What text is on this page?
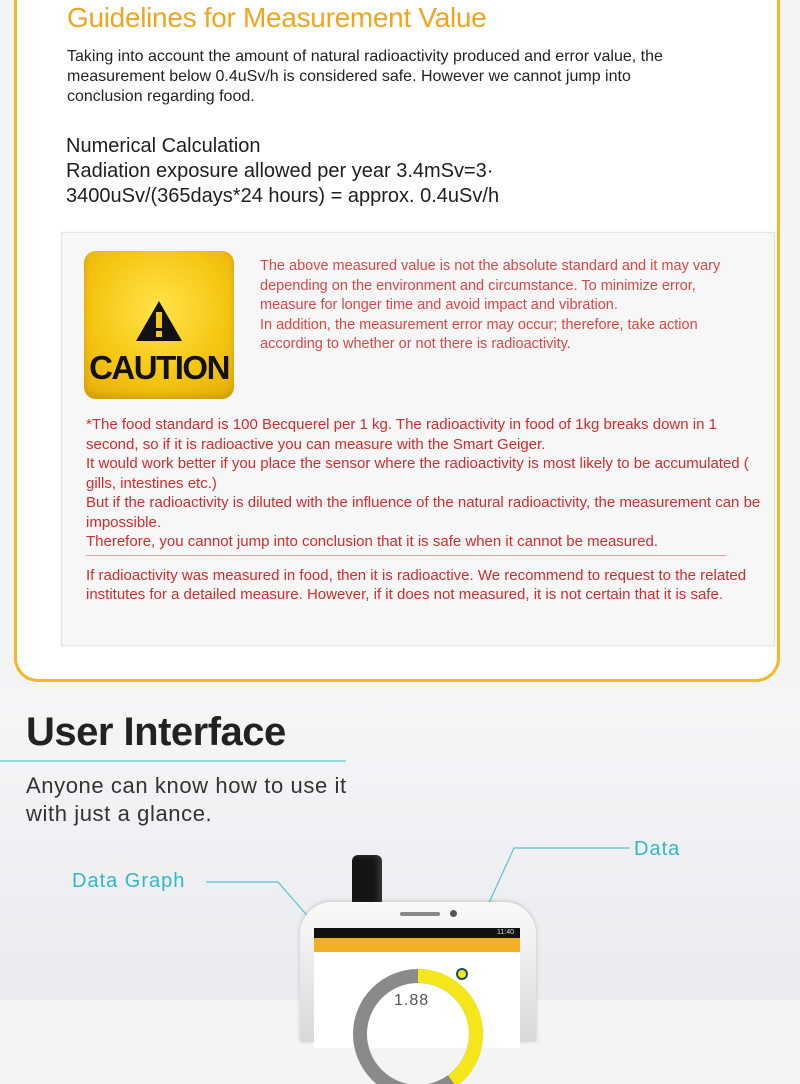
Guidelines for Measurement Value
Taking into account the amount of natural radioactivity produced and error value, the measurement below 0.4uSv/h is considered safe. However we cannot jump into conclusion regarding food.
Numerical Calculation
Radiation exposure allowed per year 3.4mSv=3·
3400uSv/(365days*24 hours) = approx. 0.4uSv/h
CAUTION

The above measured value is not the absolute standard and it may vary depending on the environment and circumstance. To minimize error, measure for longer time and avoid impact and vibration.

In addition, the measurement error may occur; therefore, take action according to whether or not there is radioactivity.

*The food standard is 100 Becquerel per 1 kg. The radioactivity in food of 1kg breaks down in 1 second, so if it is radioactive you can measure with the Smart Geiger.

It would work better if you place the sensor where the radioactivity is most likely to be accumulated ( gills, intestines etc.)

But if the radioactivity is diluted with the influence of the natural radioactivity, the measurement can be impossible.

Therefore, you cannot jump into conclusion that it is safe when it cannot be measured.

If radioactivity was measured in food, then it is radioactive. We recommend to request to the related institutes for a detailed measure. However, if it does not measured, it is not certain that it is safe.

User Interface
Anyone can know how to use it with just a glance.
Data
Data Graph
11:40
1.88
